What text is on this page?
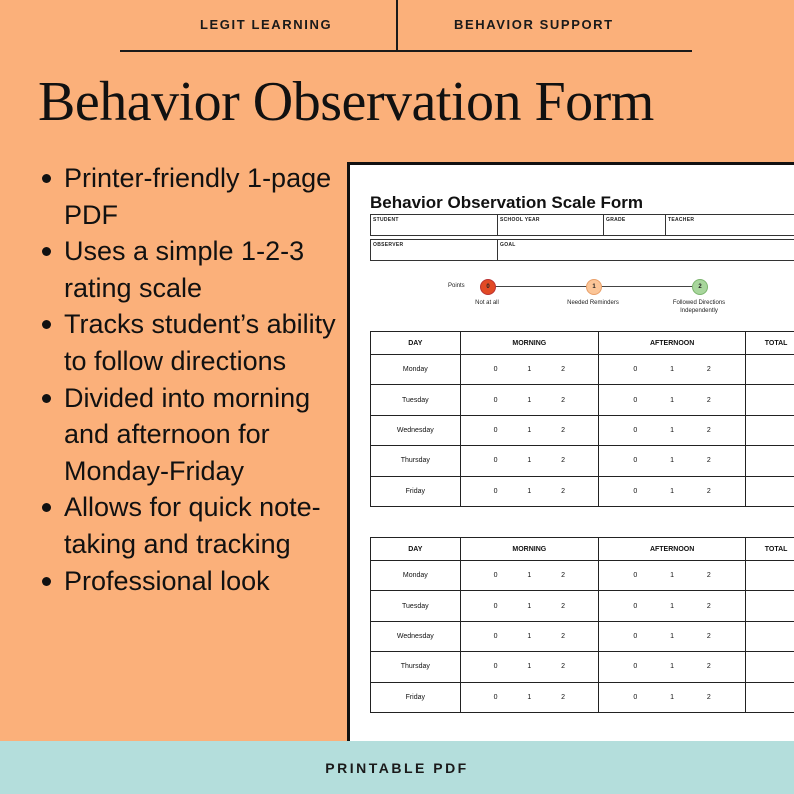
LEGIT LEARNING	BEHAVIOR SUPPORT
Behavior Observation Form
Printer-friendly 1-page PDF
Uses a simple 1-2-3 rating scale
Tracks student’s ability to follow directions
Divided into morning and afternoon for Monday-Friday
Allows for quick note-taking and tracking
Professional look
Behavior Observation Scale Form
STUDENT	SCHOOL YEAR	GRADE	TEACHER
OBSERVER	GOAL
Points	0	1	2
Not at all	Needed Reminders	Followed Directions Independently
DAY	MORNING	AFTERNOON	TOTAL
Monday	0 1 2	0 1 2	

Tuesday	0 1 2	0 1 2	

Wednesday	0 1 2	0 1 2	

Thursday	0 1 2	0 1 2	

Friday	0 1 2	0 1 2	

DAY	MORNING	AFTERNOON	TOTAL
Monday	0 1 2	0 1 2	

Tuesday	0 1 2	0 1 2	

Wednesday	0 1 2	0 1 2	

Thursday	0 1 2	0 1 2	

Friday	0 1 2	0 1 2	

PRINTABLE PDF
